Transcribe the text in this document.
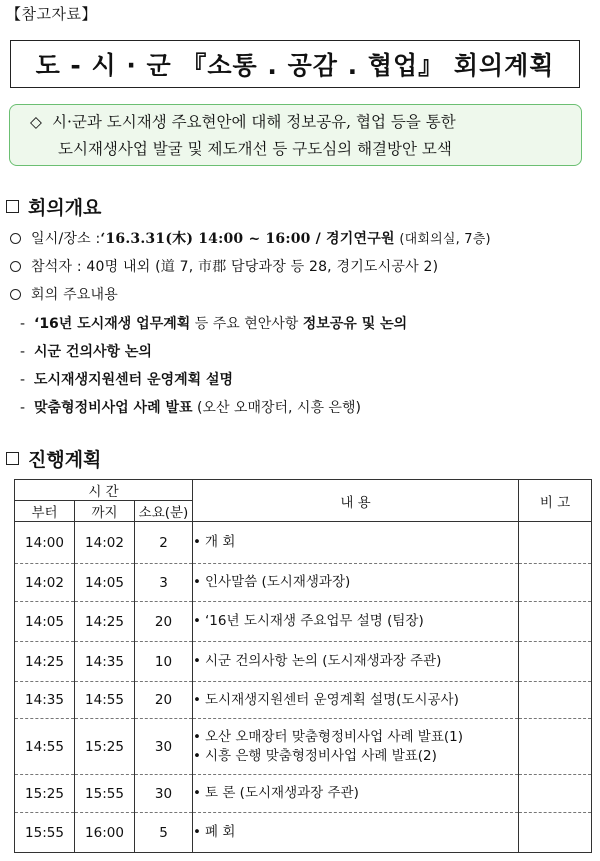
【참고자료】
도 - 시 · 군 『소통 . 공감 . 협업』 회의계획
◇ 시·군과 도시재생 주요현안에 대해 정보공유, 협업 등을 통한
도시재생사업 발굴 및 제도개선 등 구도심의 해결방안 모색
회의개요
일시/장소 :‘16.3.31(木) 14:00 ~ 16:00 / 경기연구원 (대회의실, 7층)
참석자 : 40명 내외 (道 7, 市郡 담당과장 등 28, 경기도시공사 2)
회의 주요내용
- ‘16년 도시재생 업무계획 등 주요 현안사항 정보공유 및 논의
- 시군 건의사항 논의
- 도시재생지원센터 운영계획 설명
- 맞춤형정비사업 사례 발표 (오산 오매장터, 시흥 은행)
진행계획
시 간			내 용	비 고
부터	까지	소요(분)		
14:00	14:02	2	• 개 회	

14:02	14:05	3	• 인사말씀 (도시재생과장)	

14:05	14:25	20	• ‘16년 도시재생 주요업무 설명 (팀장)	

14:25	14:35	10	• 시군 건의사항 논의 (도시재생과장 주관)	

14:35	14:55	20	• 도시재생지원센터 운영계획 설명(도시공사)	

14:55	15:25	30	• 오산 오매장터 맞춤형정비사업 사례 발표(1)
• 시흥 은행 맞춤형정비사업 사례 발표(2)	

15:25	15:55	30	• 토 론 (도시재생과장 주관)	

15:55	16:00	5	• 폐 회	
